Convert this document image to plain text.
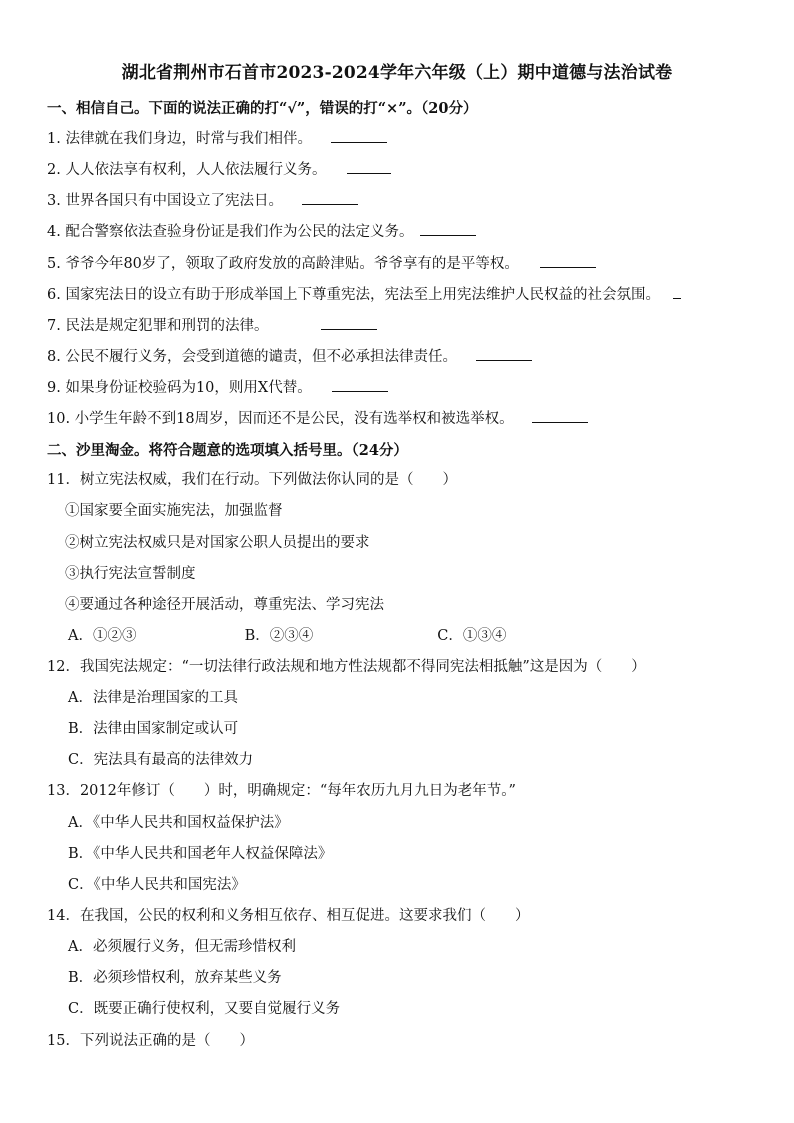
湖北省荆州市石首市2023-2024学年六年级（上）期中道德与法治试卷
一、相信自己。下面的说法正确的打“√”，错误的打“×”。（20分）
1. 法律就在我们身边，时常与我们相伴。
2. 人人依法享有权利，人人依法履行义务。
3. 世界各国只有中国设立了宪法日。
4. 配合警察依法查验身份证是我们作为公民的法定义务。
5. 爷爷今年80岁了，领取了政府发放的高龄津贴。爷爷享有的是平等权。
6. 国家宪法日的设立有助于形成举国上下尊重宪法，宪法至上用宪法维护人民权益的社会氛围。
7. 民法是规定犯罪和刑罚的法律。
8. 公民不履行义务，会受到道德的谴责，但不必承担法律责任。
9. 如果身份证校验码为10，则用X代替。
10. 小学生年龄不到18周岁，因而还不是公民，没有选举权和被选举权。
二、沙里淘金。将符合题意的选项填入括号里。（24分）
11．树立宪法权威，我们在行动。下列做法你认同的是（　　）
①国家要全面实施宪法，加强监督
②树立宪法权威只是对国家公职人员提出的要求
③执行宪法宣誓制度
④要通过各种途径开展活动，尊重宪法、学习宪法
A．①②③	B．②③④	C．①③④
12．我国宪法规定：“一切法律行政法规和地方性法规都不得同宪法相抵触”这是因为（　　）
A．法律是治理国家的工具
B．法律由国家制定或认可
C．宪法具有最高的法律效力
13．2012年修订（　　）时，明确规定：“每年农历九月九日为老年节。”
A．《中华人民共和国权益保护法》
B．《中华人民共和国老年人权益保障法》
C．《中华人民共和国宪法》
14．在我国，公民的权利和义务相互依存、相互促进。这要求我们（　　）
A．必须履行义务，但无需珍惜权利
B．必须珍惜权利，放弃某些义务
C．既要正确行使权利，又要自觉履行义务
15．下列说法正确的是（　　）
